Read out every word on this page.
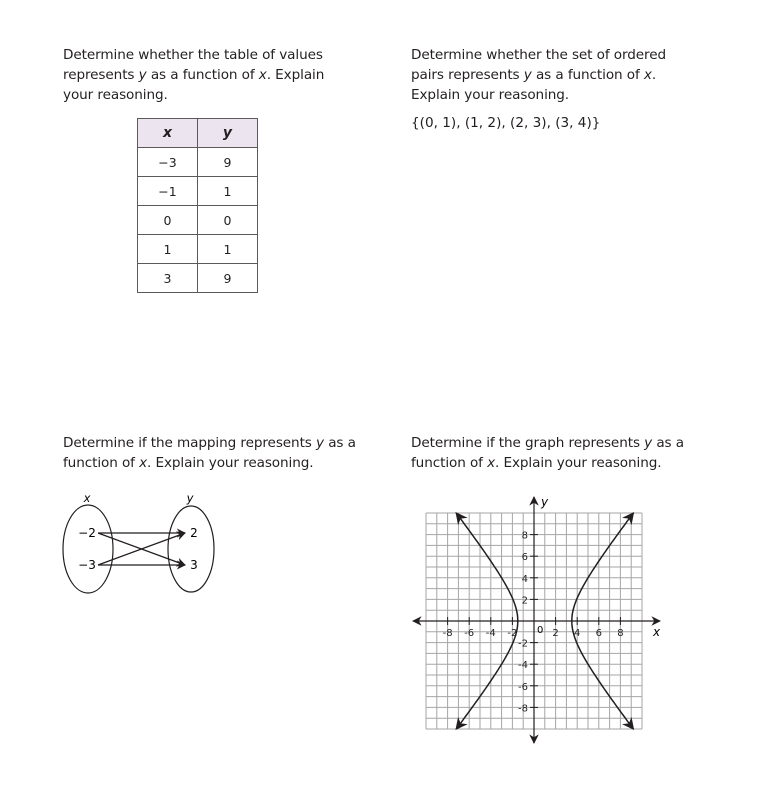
Determine whether the table of values represents y as a function of x. Explain your reasoning.
x	y
−3	9
−1	1
0	0
1	1
3	9
Determine whether the set of ordered pairs represents y as a function of x. Explain your reasoning.
{(0, 1), (1, 2), (2, 3), (3, 4)}
Determine if the mapping represents y as a function of x. Explain your reasoning.
x	y
−2
−3
2
3
Determine if the graph represents y as a function of x. Explain your reasoning.
x
y
-8 -6 -4 -2	2 4 6 8
8
6
4
2
-2
-4
-6
-8
0
